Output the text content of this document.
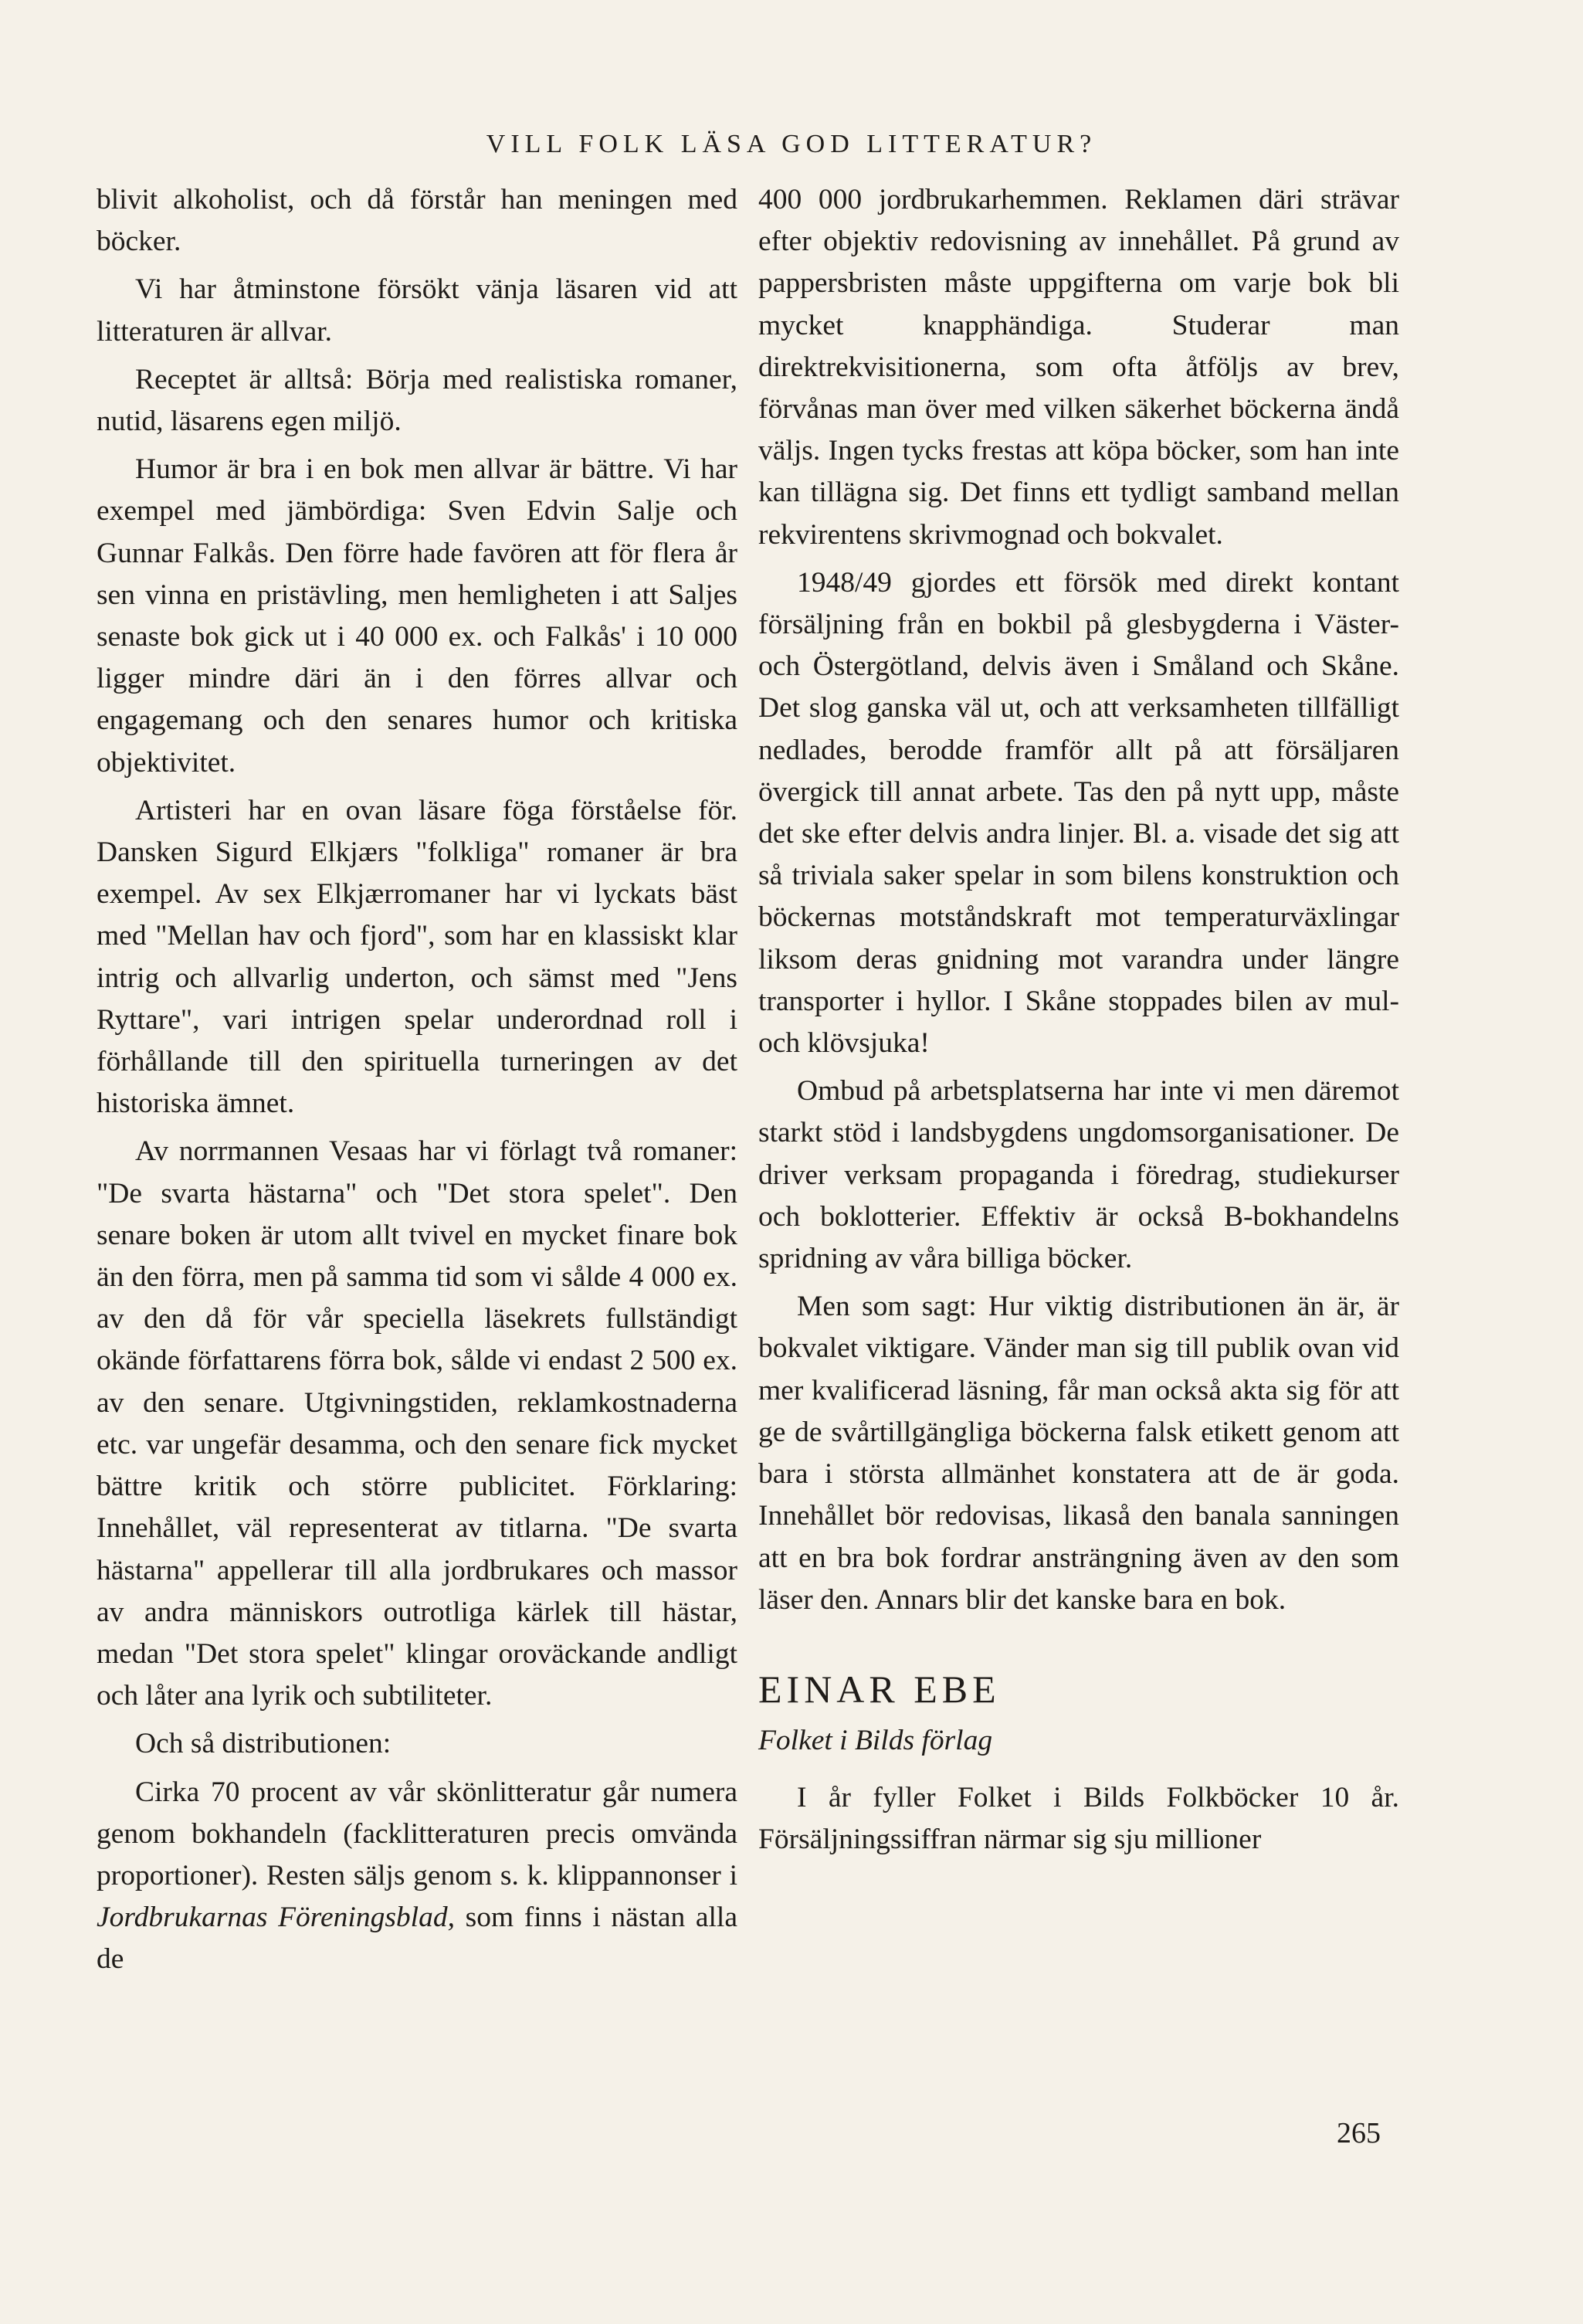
VILL FOLK LÄSA GOD LITTERATUR?

blivit alkoholist, och då förstår han meningen med böcker.

Vi har åtminstone försökt vänja läsaren vid att litteraturen är allvar.

Receptet är alltså: Börja med realistiska romaner, nutid, läsarens egen miljö.

Humor är bra i en bok men allvar är bättre. Vi har exempel med jämbördiga: Sven Edvin Salje och Gunnar Falkås. Den förre hade favören att för flera år sen vinna en pristävling, men hemligheten i att Saljes senaste bok gick ut i 40 000 ex. och Falkås' i 10 000 ligger mindre däri än i den förres allvar och engagemang och den senares humor och kritiska objektivitet.

Artisteri har en ovan läsare föga förståelse för. Dansken Sigurd Elkjærs "folkliga" romaner är bra exempel. Av sex Elkjærromaner har vi lyckats bäst med "Mellan hav och fjord", som har en klassiskt klar intrig och allvarlig underton, och sämst med "Jens Ryttare", vari intrigen spelar underordnad roll i förhållande till den spirituella turneringen av det historiska ämnet.

Av norrmannen Vesaas har vi förlagt två romaner: "De svarta hästarna" och "Det stora spelet". Den senare boken är utom allt tvivel en mycket finare bok än den förra, men på samma tid som vi sålde 4 000 ex. av den då för vår speciella läsekrets fullständigt okände författarens förra bok, sålde vi endast 2 500 ex. av den senare. Utgivningstiden, reklamkostnaderna etc. var ungefär desamma, och den senare fick mycket bättre kritik och större publicitet. Förklaring: Innehållet, väl representerat av titlarna. "De svarta hästarna" appellerar till alla jordbrukares och massor av andra människors outrotliga kärlek till hästar, medan "Det stora spelet" klingar oroväckande andligt och låter ana lyrik och subtiliteter.

Och så distributionen:

Cirka 70 procent av vår skönlitteratur går numera genom bokhandeln (facklitteraturen precis omvända proportioner). Resten säljs genom s. k. klippannonser i Jordbrukarnas Föreningsblad, som finns i nästan alla de

400 000 jordbrukarhemmen. Reklamen däri strävar efter objektiv redovisning av innehållet. På grund av pappersbristen måste uppgifterna om varje bok bli mycket knapphändiga. Studerar man direktrekvisitionerna, som ofta åtföljs av brev, förvånas man över med vilken säkerhet böckerna ändå väljs. Ingen tycks frestas att köpa böcker, som han inte kan tillägna sig. Det finns ett tydligt samband mellan rekvirentens skrivmognad och bokvalet.

1948/49 gjordes ett försök med direkt kontant försäljning från en bokbil på glesbygderna i Väster- och Östergötland, delvis även i Småland och Skåne. Det slog ganska väl ut, och att verksamheten tillfälligt nedlades, berodde framför allt på att försäljaren övergick till annat arbete. Tas den på nytt upp, måste det ske efter delvis andra linjer. Bl. a. visade det sig att så triviala saker spelar in som bilens konstruktion och böckernas motståndskraft mot temperaturväxlingar liksom deras gnidning mot varandra under längre transporter i hyllor. I Skåne stoppades bilen av mul- och klövsjuka!

Ombud på arbetsplatserna har inte vi men däremot starkt stöd i landsbygdens ungdomsorganisationer. De driver verksam propaganda i föredrag, studiekurser och boklotterier. Effektiv är också B-bokhandelns spridning av våra billiga böcker.

Men som sagt: Hur viktig distributionen än är, är bokvalet viktigare. Vänder man sig till publik ovan vid mer kvalificerad läsning, får man också akta sig för att ge de svårtillgängliga böckerna falsk etikett genom att bara i största allmänhet konstatera att de är goda. Innehållet bör redovisas, likaså den banala sanningen att en bra bok fordrar ansträngning även av den som läser den. Annars blir det kanske bara en bok.

EINAR EBE
Folket i Bilds förlag

I år fyller Folket i Bilds Folkböcker 10 år. Försäljningssiffran närmar sig sju millioner

265
